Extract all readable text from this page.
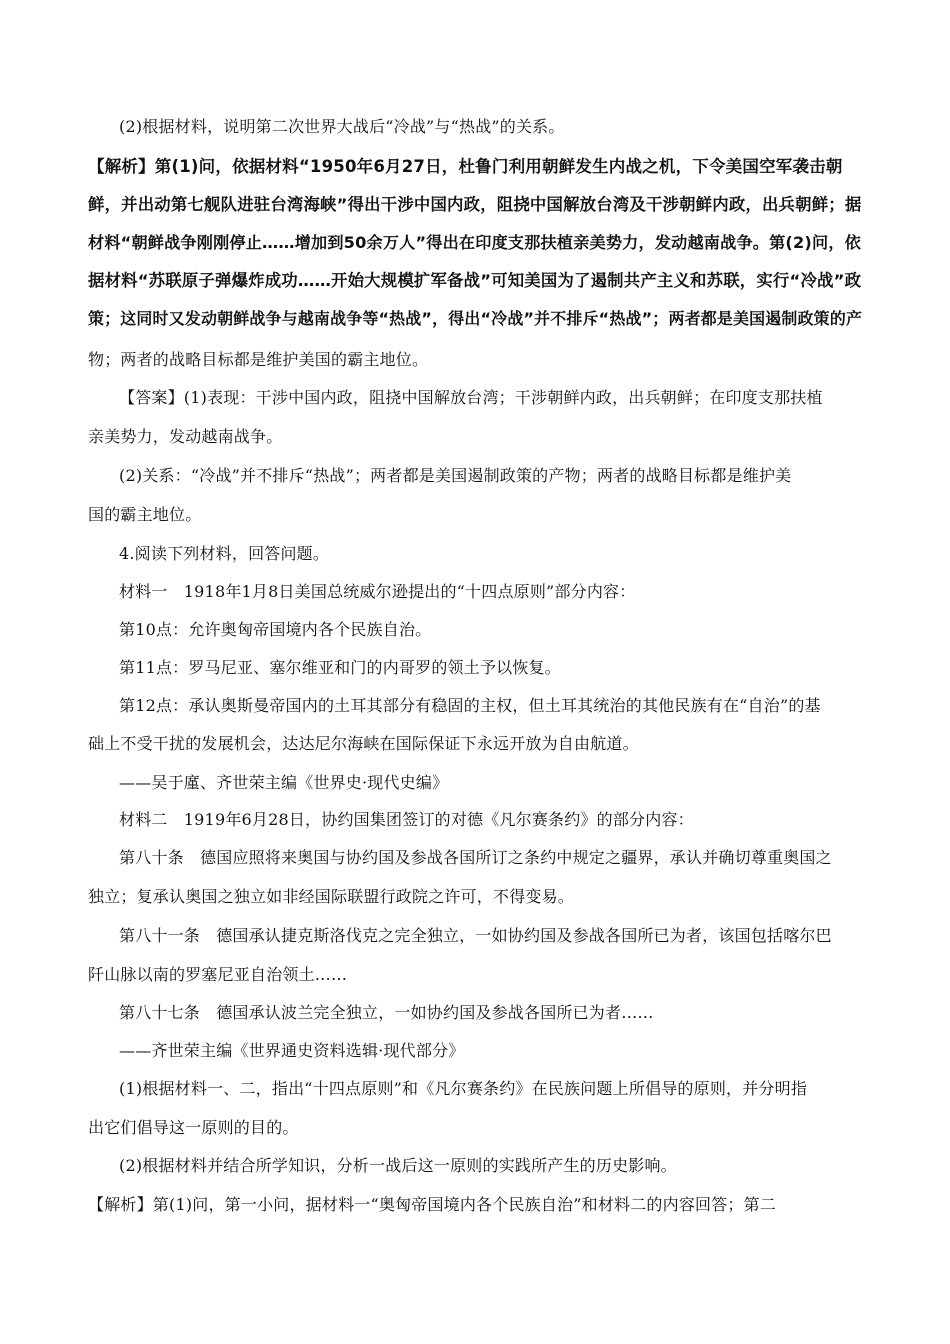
(2)根据材料，说明第二次世界大战后“冷战”与“热战”的关系。
【解析】第(1)问，依据材料“1950年6月27日，杜鲁门利用朝鲜发生内战之机，下令美国空军袭击朝
鲜，并出动第七舰队进驻台湾海峡”得出干涉中国内政，阻挠中国解放台湾及干涉朝鲜内政，出兵朝鲜；据
材料“朝鲜战争刚刚停止……增加到50余万人”得出在印度支那扶植亲美势力，发动越南战争。第(2)问，依
据材料“苏联原子弹爆炸成功……开始大规模扩军备战”可知美国为了遏制共产主义和苏联，实行“冷战”政
策；这同时又发动朝鲜战争与越南战争等“热战”，得出“冷战”并不排斥“热战”；两者都是美国遏制政策的产
物；两者的战略目标都是维护美国的霸主地位。
【答案】(1)表现：干涉中国内政，阻挠中国解放台湾；干涉朝鲜内政，出兵朝鲜；在印度支那扶植
亲美势力，发动越南战争。
(2)关系：“冷战”并不排斥“热战”；两者都是美国遏制政策的产物；两者的战略目标都是维护美
国的霸主地位。
4.阅读下列材料，回答问题。
材料一　1918年1月8日美国总统威尔逊提出的“十四点原则”部分内容：
第10点：允许奥匈帝国境内各个民族自治。
第11点：罗马尼亚、塞尔维亚和门的内哥罗的领土予以恢复。
第12点：承认奥斯曼帝国内的土耳其部分有稳固的主权，但土耳其统治的其他民族有在“自治”的基
础上不受干扰的发展机会，达达尼尔海峡在国际保证下永远开放为自由航道。
——吴于廑、齐世荣主编《世界史·现代史编》
材料二　1919年6月28日，协约国集团签订的对德《凡尔赛条约》的部分内容：
第八十条　德国应照将来奥国与协约国及参战各国所订之条约中规定之疆界，承认并确切尊重奥国之
独立；复承认奥国之独立如非经国际联盟行政院之许可，不得变易。
第八十一条　德国承认捷克斯洛伐克之完全独立，一如协约国及参战各国所已为者，该国包括喀尔巴
阡山脉以南的罗塞尼亚自治领土……
第八十七条　德国承认波兰完全独立，一如协约国及参战各国所已为者……
——齐世荣主编《世界通史资料选辑·现代部分》
(1)根据材料一、二，指出“十四点原则”和《凡尔赛条约》在民族问题上所倡导的原则，并分明指
出它们倡导这一原则的目的。
(2)根据材料并结合所学知识，分析一战后这一原则的实践所产生的历史影响。
【解析】第(1)问，第一小问，据材料一“奥匈帝国境内各个民族自治”和材料二的内容回答；第二
